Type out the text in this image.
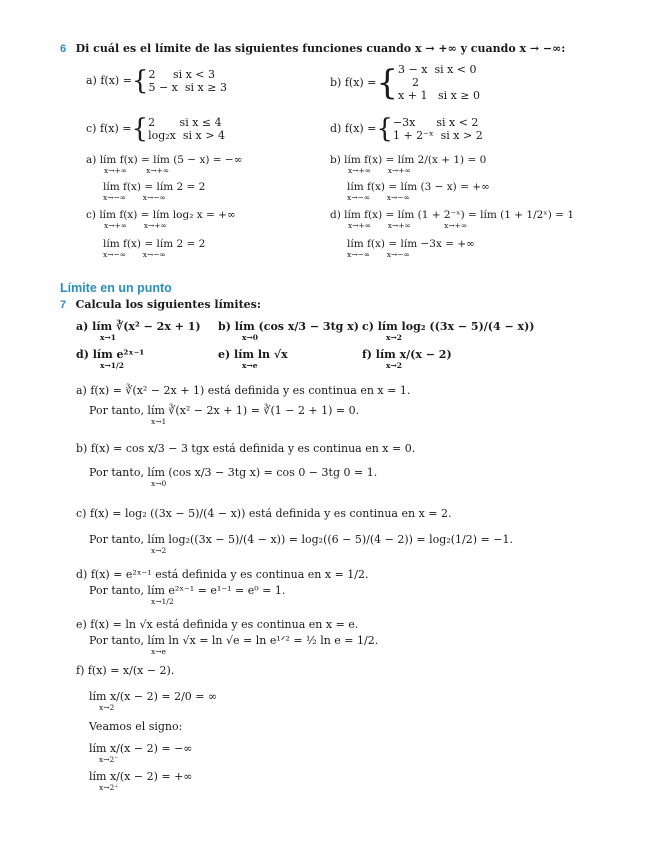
6 Di cuál es el límite de las siguientes funciones cuando x → +∞ y cuando x → −∞:
a) f(x) = { 2     si x < 3
5 − x  si x ≥ 3	b) f(x) = { 3 − x  si x < 0
2
x + 1   si x ≥ 0
c) f(x) = { 2       si x ≤ 4
log₂x  si x > 4
d) f(x) = { −3x      si x < 2
1 + 2⁻ˣ  si x > 2
a) lím f(x) = lím (5 − x) = −∞
x→+∞        x→+∞
b) lím f(x) = lím 2/(x + 1) = 0
x→+∞       x→+∞
lím f(x) = lím 2 = 2
x→−∞       x→−∞
lím f(x) = lím (3 − x) = +∞
x→−∞       x→−∞
c) lím f(x) = lím log₂ x = +∞
x→+∞       x→+∞
d) lím f(x) = lím (1 + 2⁻ˣ) = lím (1 + 1/2ˣ) = 1
x→+∞       x→+∞              x→+∞
lím f(x) = lím 2 = 2
x→−∞       x→−∞
lím f(x) = lím −3x = +∞
x→−∞       x→−∞
Límite en un punto
7 Calcula los siguientes límites:
a) lím ∛(x² − 2x + 1)
x→1
b) lím (cos x/3 − 3tg x)
x→0
c) lím log₂ ((3x − 5)/(4 − x))
x→2
d) lím e²ˣ⁻¹
x→1/2
e) lím ln √x
x→e
f) lím x/(x − 2)
x→2
a) f(x) = ∛(x² − 2x + 1) está definida y es continua en x = 1.
Por tanto, lím ∛(x² − 2x + 1) = ∛(1 − 2 + 1) = 0.
x→1
b) f(x) = cos x/3 − 3 tgx está definida y es continua en x = 0.
Por tanto, lím (cos x/3 − 3tg x) = cos 0 − 3tg 0 = 1.
x→0
c) f(x) = log₂ ((3x − 5)/(4 − x)) está definida y es continua en x = 2.
Por tanto, lím log₂((3x − 5)/(4 − x)) = log₂((6 − 5)/(4 − 2)) = log₂(1/2) = −1.
x→2
d) f(x) = e²ˣ⁻¹ está definida y es continua en x = 1/2.
Por tanto, lím e²ˣ⁻¹ = e¹⁻¹ = e⁰ = 1.
x→1/2
e) f(x) = ln √x está definida y es continua en x = e.
Por tanto, lím ln √x = ln √e = ln e¹ᐟ² = ½ ln e = 1/2.
x→e
f) f(x) = x/(x − 2).
lím x/(x − 2) = 2/0 = ∞
x→2
Veamos el signo:
lím x/(x − 2) = −∞
x→2⁻
lím x/(x − 2) = +∞
x→2⁺
